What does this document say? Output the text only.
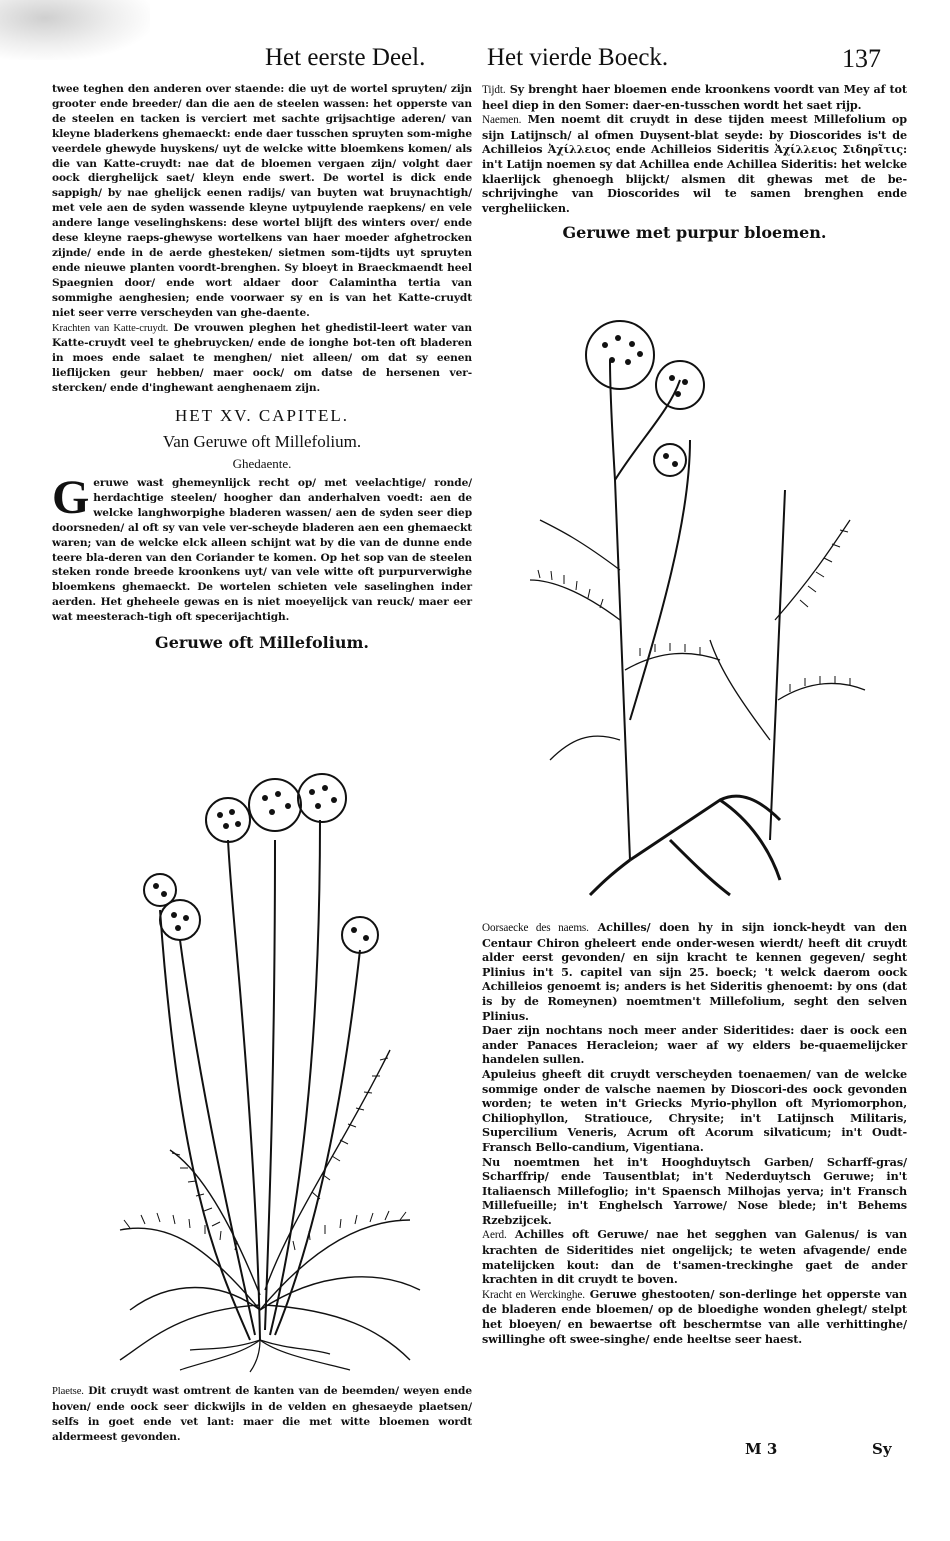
Het eerste Deel. Het vierde Boeck.	137

twee teghen den anderen over staende: die uyt de wortel spruyten/ zijn grooter ende breeder/ dan die aen de steelen wassen: het opperste van de steelen en tacken is verciert met sachte grijsachtige aderen/ van kleyne bladerkens ghemaeckt: ende daer tusschen spruyten som-mighe veerdele ghewyde huyskens/ uyt de welcke witte bloemkens komen/ als die van Katte-cruydt: nae dat de bloemen vergaen zijn/ volght daer oock dierghelijck saet/ kleyn ende swert. De wortel is dick ende sappigh/ by nae ghelijck eenen radijs/ van buyten wat bruynachtigh/ met vele aen de syden wassende kleyne uytpuylende raepkens/ en vele andere lange veselinghskens: dese wortel blijft des winters over/ ende dese kleyne raeps-ghewyse wortelkens van haer moeder afghetrocken zijnde/ ende in de aerde ghesteken/ sietmen som-tijdts uyt spruyten ende nieuwe planten voordt-brenghen. Sy bloeyt in Braeckmaendt heel Spaegnien door/ ende wort aldaer door Calamintha tertia van sommighe aenghesien; ende voorwaer sy en is van het Katte-cruydt niet seer verre verscheyden van ghe-daente.

Krachten van Katte-cruydt. De vrouwen pleghen het ghedistil-leert water van Katte-cruydt veel te ghebruycken/ ende de ionghe bot-ten oft bladeren in moes ende salaet te menghen/ niet alleen/ om dat sy eenen lieflijcken geur hebben/ maer oock/ om datse de hersenen ver-stercken/ ende d'inghewant aenghenaem zijn.

HET XV. CAPITEL.
Van Geruwe oft Millefolium.
Ghedaente.

G eruwe wast ghemeynlijck recht op/ met veelachtige/ ronde/ herdachtige steelen/ hoogher dan anderhalven voedt: aen de welcke langhworpighe bladeren wassen/ aen de syden seer diep doorsneden/ al oft sy van vele ver-scheyde bladeren aen een ghemaeckt waren; van de welcke elck alleen schijnt wat by die van de dunne ende teere bla-deren van den Coriander te komen. Op het sop van de steelen steken ronde breede kroonkens uyt/ van vele witte oft purpurverwighe bloemkens ghemaeckt. De wortelen schieten vele saselinghen inder aerden. Het gheheele gewas en is niet moeyelijck van reuck/ maer eer wat meesterach-tigh oft specerijachtigh.

Geruwe oft Millefolium.

Plaetse. Dit cruydt wast omtrent de kanten van de beemden/ weyen ende hoven/ ende oock seer dickwijls in de velden en ghesaeyde plaetsen/ selfs in goet ende vet lant: maer die met witte bloemen wordt aldermeest gevonden.

Tijdt. Sy brenght haer bloemen ende kroonkens voordt van Mey af tot heel diep in den Somer: daer-en-tusschen wordt het saet rijp.

Naemen. Men noemt dit cruydt in dese tijden meest Millefolium op sijn Latijnsch/ al ofmen Duysent-blat seyde: by Dioscorides is't de Achilleios Ἀχίλλειος ende Achilleios Sideritis Ἀχίλλειος Σιδηρῖτις: in't Latijn noemen sy dat Achillea ende Achillea Sideritis: het welcke klaerlijck ghenoegh blijckt/ alsmen dit ghewas met de be-schrijvinghe van Dioscorides wil te samen brenghen ende vergheliicken.

Geruwe met purpur bloemen.

Oorsaecke des naems. Achilles/ doen hy in sijn ionck-heydt van den Centaur Chiron gheleert ende onder-wesen wierdt/ heeft dit cruydt alder eerst gevonden/ en sijn kracht te kennen gegeven/ seght Plinius in't 5. capitel van sijn 25. boeck; 't welck daerom oock Achilleios genoemt is; anders is het Sideritis ghenoemt: by ons (dat is by de Romeynen) noemtmen't Millefolium, seght den selven Plinius.

Daer zijn nochtans noch meer ander Sideritides: daer is oock een ander Panaces Heracleion; waer af wy elders be-quaemelijcker handelen sullen.

Apuleius gheeft dit cruydt verscheyden toenaemen/ van de welcke sommige onder de valsche naemen by Dioscori-des oock gevonden worden; te weten in't Griecks Myrio-phyllon oft Myriomorphon, Chiliophyllon, Stratiouce, Chrysite; in't Latijnsch Militaris, Supercilium Veneris, Acrum oft Acorum silvaticum; in't Oudt-Fransch Bello-candium, Vigentiana.

Nu noemtmen het in't Hooghduytsch Garben/ Scharff-gras/ Scharffrip/ ende Tausentblat; in't Nederduytsch Geruwe; in't Italiaensch Millefoglio; in't Spaensch Milhojas yerva; in't Fransch Millefueille; in't Enghelsch Yarrowe/ Nose blede; in't Behems Rzebzijcek.

Aerd. Achilles oft Geruwe/ nae het segghen van Galenus/ is van krachten de Sideritides niet ongelijck; te weten afvagende/ ende matelijcken kout: dan de t'samen-treckinghe gaet de ander krachten in dit cruydt te boven.

Kracht en Werckinghe. Geruwe ghestooten/ son-derlinge het opperste van de bladeren ende bloemen/ op de bloedighe wonden ghelegt/ stelpt het bloeyen/ en bewaertse oft beschermtse van alle verhittinghe/ swillinghe oft swee-singhe/ ende heeltse seer haest.

M 3	Sy
